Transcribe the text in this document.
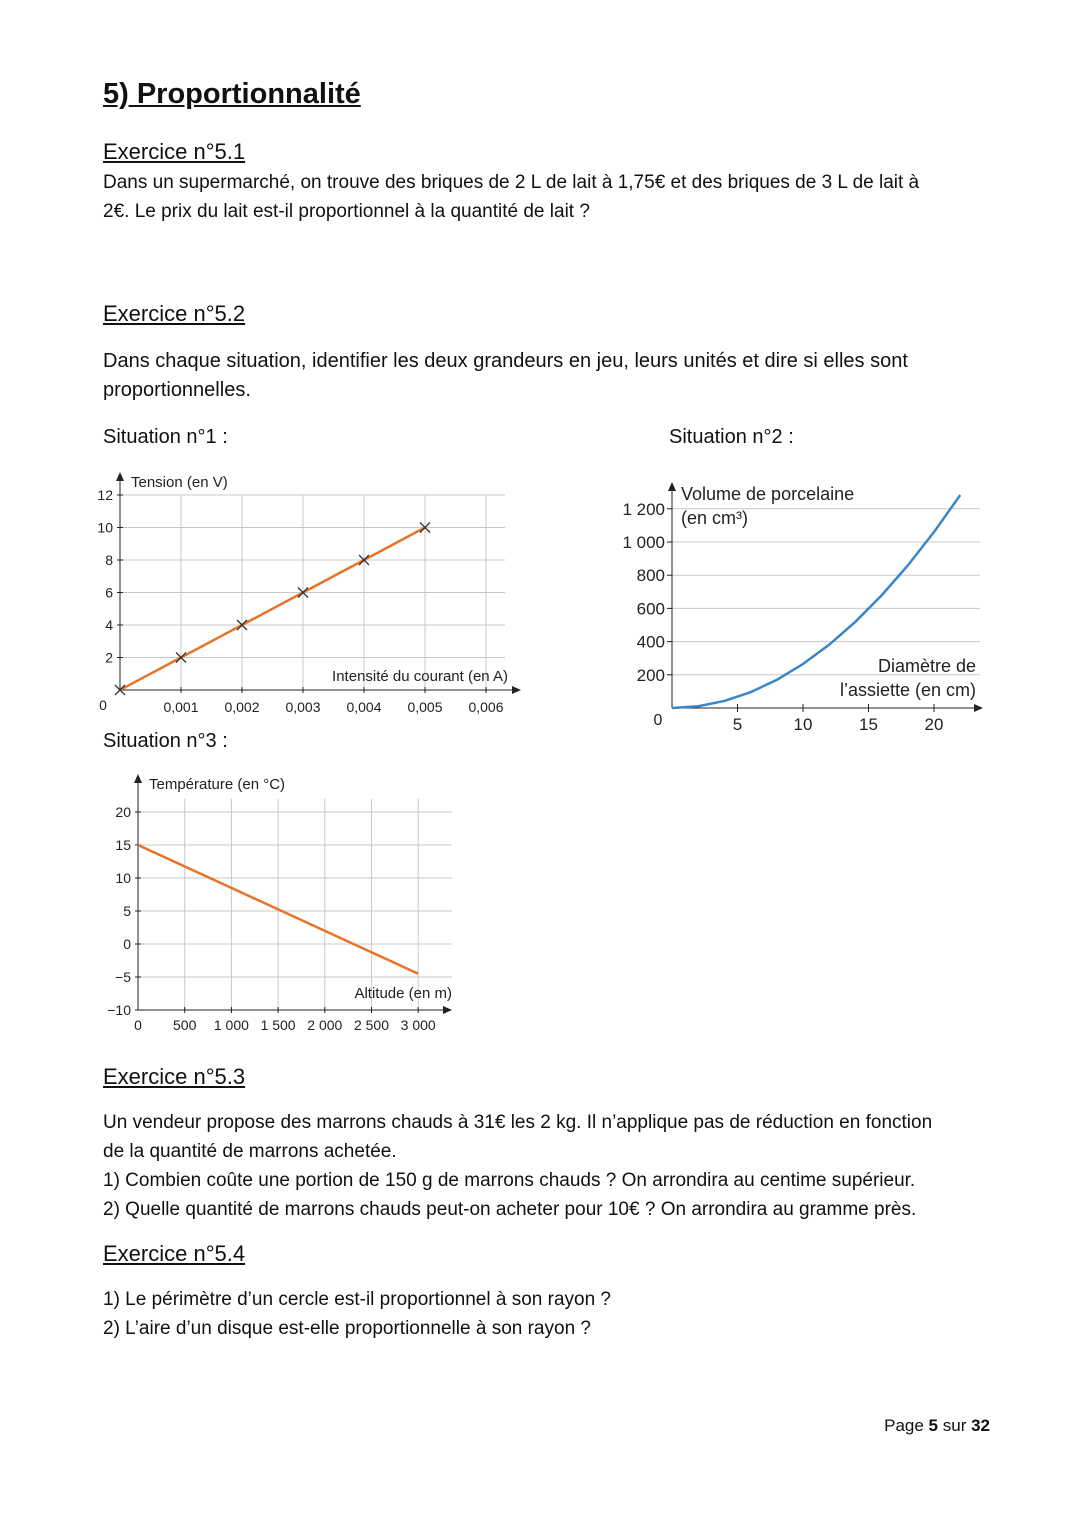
5) Proportionnalité
Exercice n°5.1
Dans un supermarché, on trouve des briques de 2 L de lait à 1,75€ et des briques de 3 L de lait à
2€. Le prix du lait est-il proportionnel à la quantité de lait ?
Exercice n°5.2
Dans chaque situation, identifier les deux grandeurs en jeu, leurs unités et dire si elles sont
proportionnelles.
Situation n°1 :	Situation n°2 :
Situation n°3 :
0,001 0,002 0,003 0,004 0,005 0,006
2
4
6
8
10
12
Tension (en V)
Intensité du courant (en A)
0
200
400
600
800
1 000
1 200
5	10	15	20
Volume de porcelaine
(en cm³)
Diamètre de
l’assiette (en cm)
0
500 1 000 1 500 2 000 2 500 3 000
20
15
10
5
0
−5
−10
Température (en °C)
Altitude (en m)
0
Exercice n°5.3
Un vendeur propose des marrons chauds à 31€ les 2 kg. Il n’applique pas de réduction en fonction
de la quantité de marrons achetée.
1) Combien coûte une portion de 150 g de marrons chauds ? On arrondira au centime supérieur.
2) Quelle quantité de marrons chauds peut-on acheter pour 10€ ? On arrondira au gramme près.
Exercice n°5.4
1) Le périmètre d’un cercle est-il proportionnel à son rayon ?
2) L’aire d’un disque est-elle proportionnelle à son rayon ?
Page 5 sur 32
